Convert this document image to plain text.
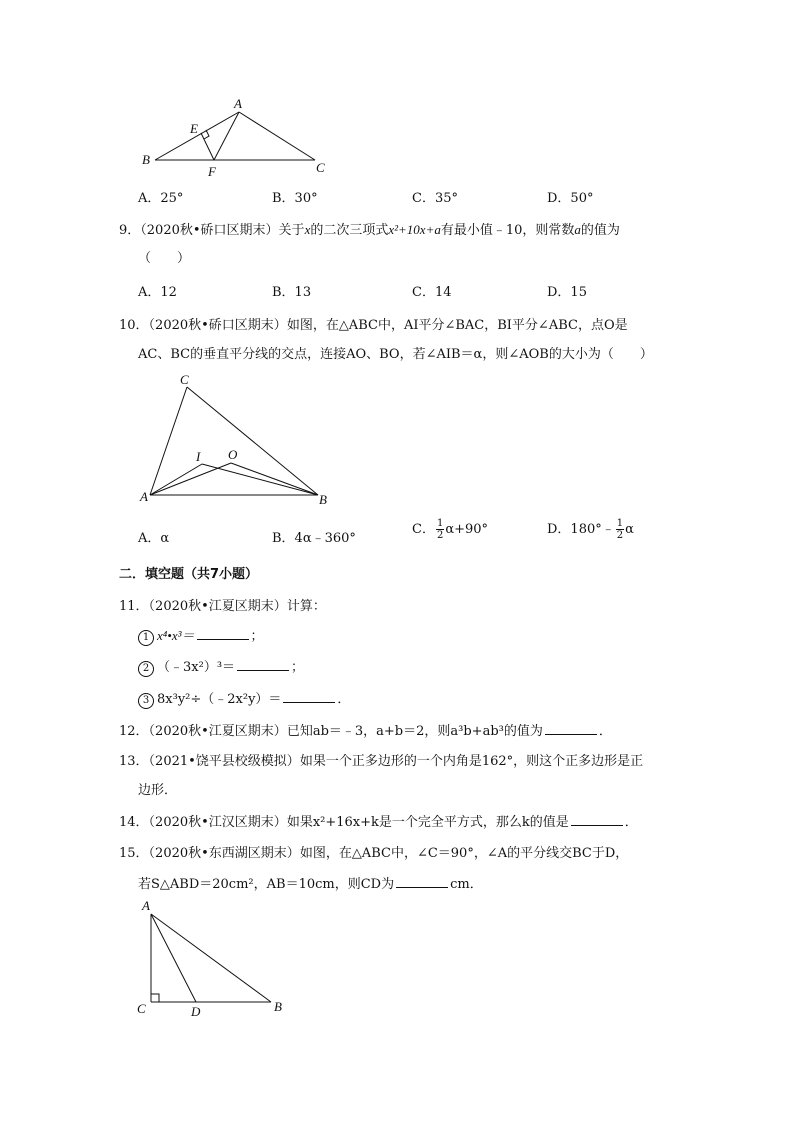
A
B
C
E
F
A．25°	B．30°	C．35°	D．50°
9．（2020秋•硚口区期末）关于x的二次三项式x²+10x+a有最小值﹣10，则常数a的值为
（　　）
A．12	B．13	C．14	D．15
10．（2020秋•硚口区期末）如图，在△ABC中，AI平分∠BAC，BI平分∠ABC，点O是
AC、BC的垂直平分线的交点，连接AO、BO，若∠AIB＝α，则∠AOB的大小为（　　）
C
A	B
I O
A．α	B．4α﹣360°
C． $\frac{1}{2} \alpha+90^\circ$	D．180°﹣ $\frac{1}{2}$ α
二．填空题（共7小题）
11．（2020秋•江夏区期末）计算：
1 x⁴•x³＝	；
2 （﹣3x²）³＝	；
3 8x³y²÷（﹣2x²y）＝	．
12．（2020秋•江夏区期末）已知ab＝﹣3，a+b＝2，则a³b+ab³的值为	．
13．（2021•饶平县校级模拟）如果一个正多边形的一个内角是162°，则这个正多边形是正
边形．
14．（2020秋•江汉区期末）如果x²+16x+k是一个完全平方式，那么k的值是	．
15．（2020秋•东西湖区期末）如图，在△ABC中，∠C＝90°，∠A的平分线交BC于D，
若S△ABD＝20cm²，AB＝10cm，则CD为	cm．
A
C	D	B
